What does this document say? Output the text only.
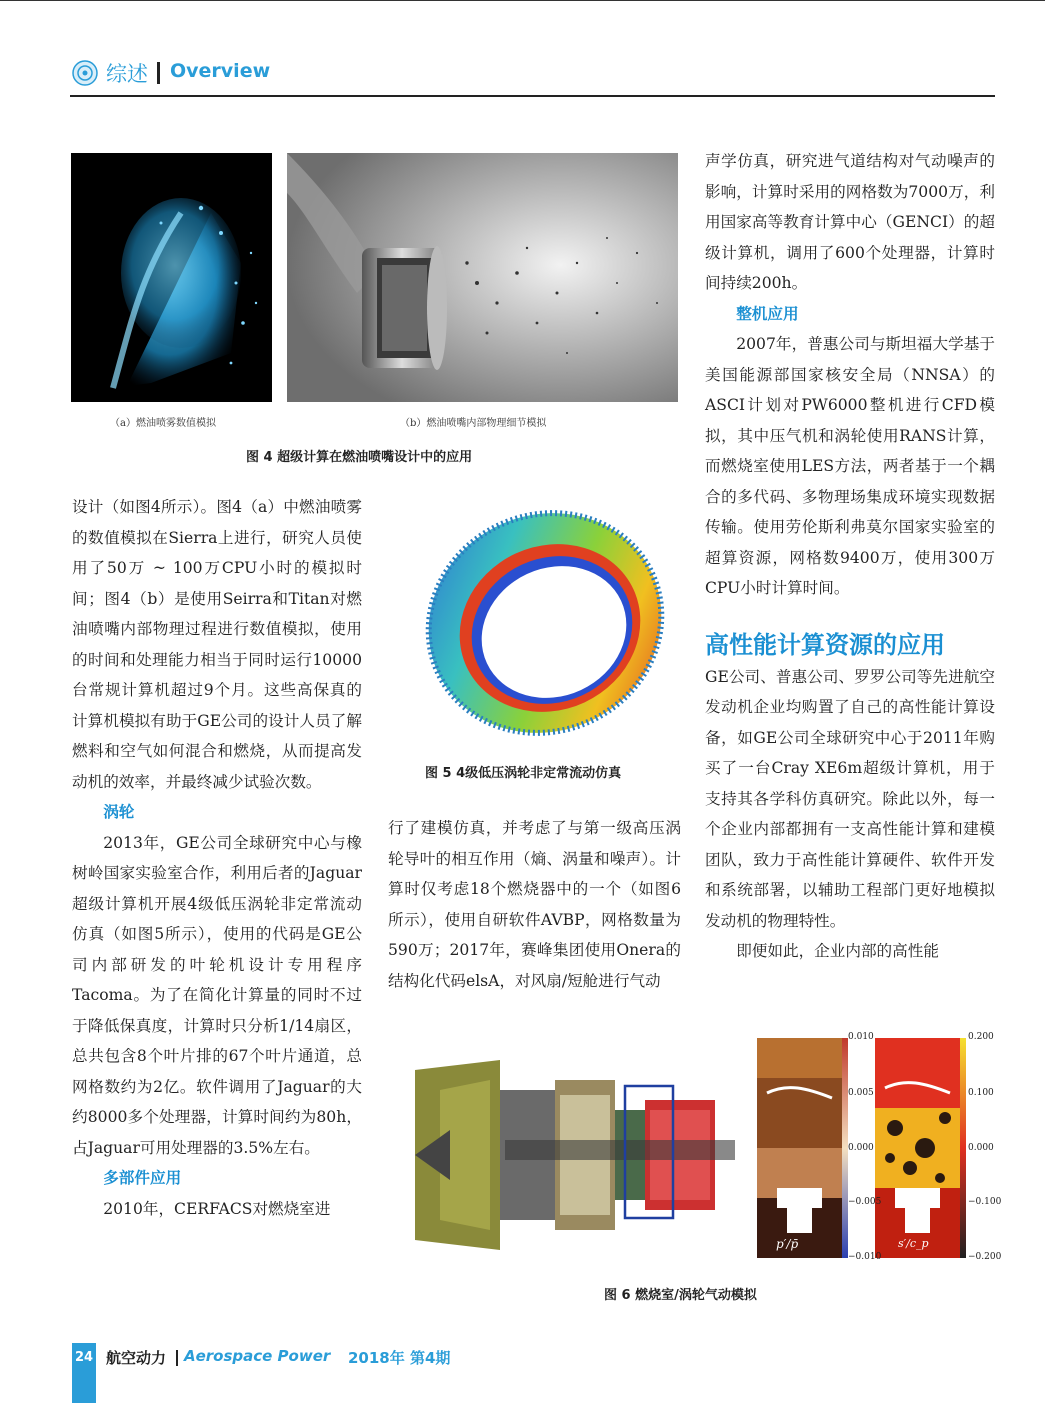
综述 Overview
（a）燃油喷雾数值模拟	（b）燃油喷嘴内部物理细节模拟
图 4 超级计算在燃油喷嘴设计中的应用
图 5 4级低压涡轮非定常流动仿真
0.010
0.005
0.000
−0.005
−0.010
0.200
0.100
0.000
−0.100
−0.200
p′/p̄	s′/c_p
图 6 燃烧室/涡轮气动模拟

设计（如图4所示）。图4（a）中燃油喷雾的数值模拟在Sierra上进行，研究人员使用了50万 ~ 100万CPU小时的模拟时间；图4（b）是使用Seirra和Titan对燃油喷嘴内部物理过程进行数值模拟，使用的时间和处理能力相当于同时运行10000台常规计算机超过9个月。这些高保真的计算机模拟有助于GE公司的设计人员了解燃料和空气如何混合和燃烧，从而提高发动机的效率，并最终减少试验次数。

涡轮

2013年，GE公司全球研究中心与橡树岭国家实验室合作，利用后者的Jaguar超级计算机开展4级低压涡轮非定常流动仿真（如图5所示），使用的代码是GE公司内部研发的叶轮机设计专用程序Tacoma。为了在简化计算量的同时不过于降低保真度，计算时只分析1/14扇区，总共包含8个叶片排的67个叶片通道，总网格数约为2亿。软件调用了Jaguar的大约8000多个处理器，计算时间约为80h，占Jaguar可用处理器的3.5%左右。

多部件应用

2010年，CERFACS对燃烧室进

行了建模仿真，并考虑了与第一级高压涡轮导叶的相互作用（熵、涡量和噪声）。计算时仅考虑18个燃烧器中的一个（如图6所示），使用自研软件AVBP，网格数量为590万；2017年，赛峰集团使用Onera的结构化代码elsA，对风扇/短舱进行气动

声学仿真，研究进气道结构对气动噪声的影响，计算时采用的网格数为7000万，利用国家高等教育计算中心（GENCI）的超级计算机，调用了600个处理器，计算时间持续200h。

整机应用

2007年，普惠公司与斯坦福大学基于美国能源部国家核安全局（NNSA）的ASCI计划对PW6000整机进行CFD模拟，其中压气机和涡轮使用RANS计算，而燃烧室使用LES方法，两者基于一个耦合的多代码、多物理场集成环境实现数据传输。使用劳伦斯利弗莫尔国家实验室的超算资源，网格数9400万，使用300万CPU小时计算时间。

高性能计算资源的应用

GE公司、普惠公司、罗罗公司等先进航空发动机企业均购置了自己的高性能计算设备，如GE公司全球研究中心于2011年购买了一台Cray XE6m超级计算机，用于支持其各学科仿真研究。除此以外，每一个企业内部都拥有一支高性能计算和建模团队，致力于高性能计算硬件、软件开发和系统部署，以辅助工程部门更好地模拟发动机的物理特性。

即便如此，企业内部的高性能

24 航空动力 Aerospace Power 2018年 第4期
